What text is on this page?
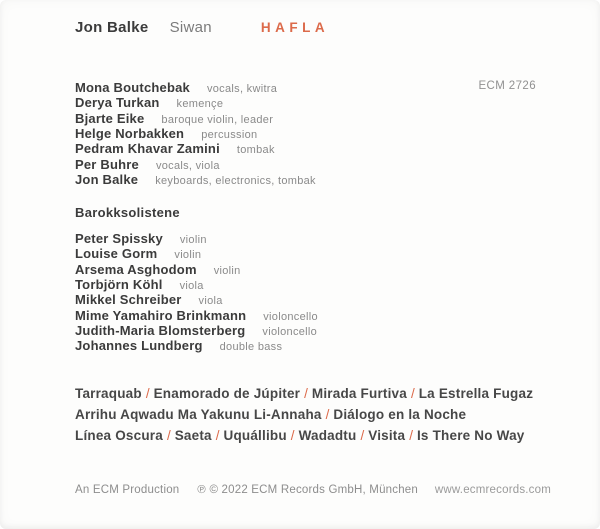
Jon Balke Siwan	HAFLA
ECM 2726
Mona Boutchebak vocals, kwitra
Derya Turkan kemençe
Bjarte Eike baroque violin, leader
Helge Norbakken percussion
Pedram Khavar Zamini tombak
Per Buhre vocals, viola
Jon Balke keyboards, electronics, tombak
Barokksolistene
Peter Spissky violin
Louise Gorm violin
Arsema Asghodom violin
Torbjörn Köhl viola
Mikkel Schreiber viola
Mime Yamahiro Brinkmann violoncello
Judith-Maria Blomsterberg violoncello
Johannes Lundberg double bass
Tarraquab / Enamorado de Júpiter / Mirada Furtiva / La Estrella Fugaz
Arrihu Aqwadu Ma Yakunu Li-Annaha / Diálogo en la Noche
Línea Oscura / Saeta / Uquállibu / Wadadtu / Visita / Is There No Way
An ECM Production ℗ © 2022 ECM Records GmbH, München www.ecmrecords.com
